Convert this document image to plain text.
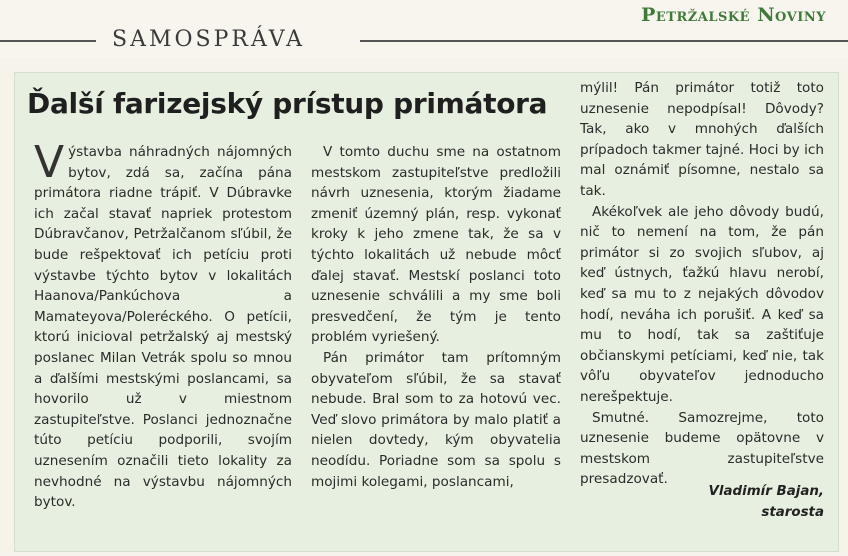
Petržalské Noviny
SAMOSPRÁVA
Ďalší farizejský prístup primátora

Výstavba náhradných nájomných bytov, zdá sa, začína pána primátora riadne trápiť. V Dúbravke ich začal stavať napriek protestom Dúbravčanov, Petržalčanom sľúbil, že bude rešpektovať ich petíciu proti výstavbe týchto bytov v lokalitách Haanova/Pankúchova a Mamateyova/Poleréckého. O petícii, ktorú inicioval petržalský aj mestský poslanec Milan Vetrák spolu so mnou a ďalšími mestskými poslancami, sa hovorilo už v miestnom zastupiteľstve. Poslanci jednoznačne túto petíciu podporili, svojím uznesením označili tieto lokality za nevhodné na výstavbu nájomných bytov.

V tomto duchu sme na ostatnom mestskom zastupiteľstve predložili návrh uznesenia, ktorým žiadame zmeniť územný plán, resp. vykonať kroky k jeho zmene tak, že sa v týchto lokalitách už nebude môcť ďalej stavať. Mestskí poslanci toto uznesenie schválili a my sme boli presvedčení, že tým je tento problém vyriešený.

Pán primátor tam prítomným obyvateľom sľúbil, že sa stavať nebude. Bral som to za hotovú vec. Veď slovo primátora by malo platiť a nielen dovtedy, kým obyvatelia neodídu. Poriadne som sa spolu s mojimi kolegami, poslancami,

mýlil! Pán primátor totiž toto uznesenie nepodpísal! Dôvody? Tak, ako v mnohých ďalších prípadoch takmer tajné. Hoci by ich mal oznámiť písomne, nestalo sa tak.

Akékoľvek ale jeho dôvody budú, nič to nemení na tom, že pán primátor si zo svojich sľubov, aj keď ústnych, ťažkú hlavu nerobí, keď sa mu to z nejakých dôvodov hodí, neváha ich porušiť. A keď sa mu to hodí, tak sa zaštiťuje občianskymi petíciami, keď nie, tak vôľu obyvateľov jednoducho nerešpektuje.

Smutné. Samozrejme, toto uznesenie budeme opätovne v mestskom zastupiteľstve presadzovať.

Vladimír Bajan,
starosta
